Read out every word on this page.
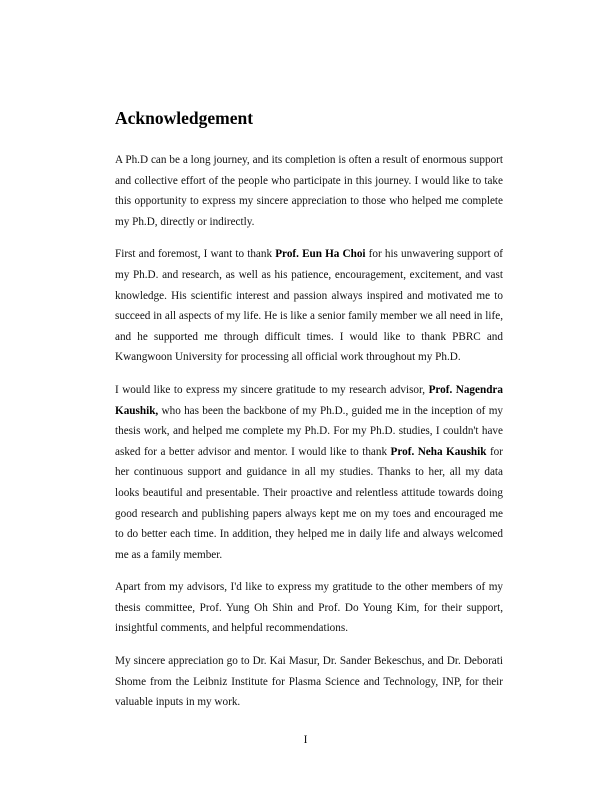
Acknowledgement

A Ph.D can be a long journey, and its completion is often a result of enormous support and collective effort of the people who participate in this journey. I would like to take this opportunity to express my sincere appreciation to those who helped me complete my Ph.D, directly or indirectly.

First and foremost, I want to thank Prof. Eun Ha Choi for his unwavering support of my Ph.D. and research, as well as his patience, encouragement, excitement, and vast knowledge. His scientific interest and passion always inspired and motivated me to succeed in all aspects of my life. He is like a senior family member we all need in life, and he supported me through difficult times. I would like to thank PBRC and Kwangwoon University for processing all official work throughout my Ph.D.

I would like to express my sincere gratitude to my research advisor, Prof. Nagendra Kaushik, who has been the backbone of my Ph.D., guided me in the inception of my thesis work, and helped me complete my Ph.D. For my Ph.D. studies, I couldn't have asked for a better advisor and mentor. I would like to thank Prof. Neha Kaushik for her continuous support and guidance in all my studies. Thanks to her, all my data looks beautiful and presentable. Their proactive and relentless attitude towards doing good research and publishing papers always kept me on my toes and encouraged me to do better each time. In addition, they helped me in daily life and always welcomed me as a family member.

Apart from my advisors, I'd like to express my gratitude to the other members of my thesis committee, Prof. Yung Oh Shin and Prof. Do Young Kim, for their support, insightful comments, and helpful recommendations.

My sincere appreciation go to Dr. Kai Masur, Dr. Sander Bekeschus, and Dr. Deborati Shome from the Leibniz Institute for Plasma Science and Technology, INP, for their valuable inputs in my work.

I
